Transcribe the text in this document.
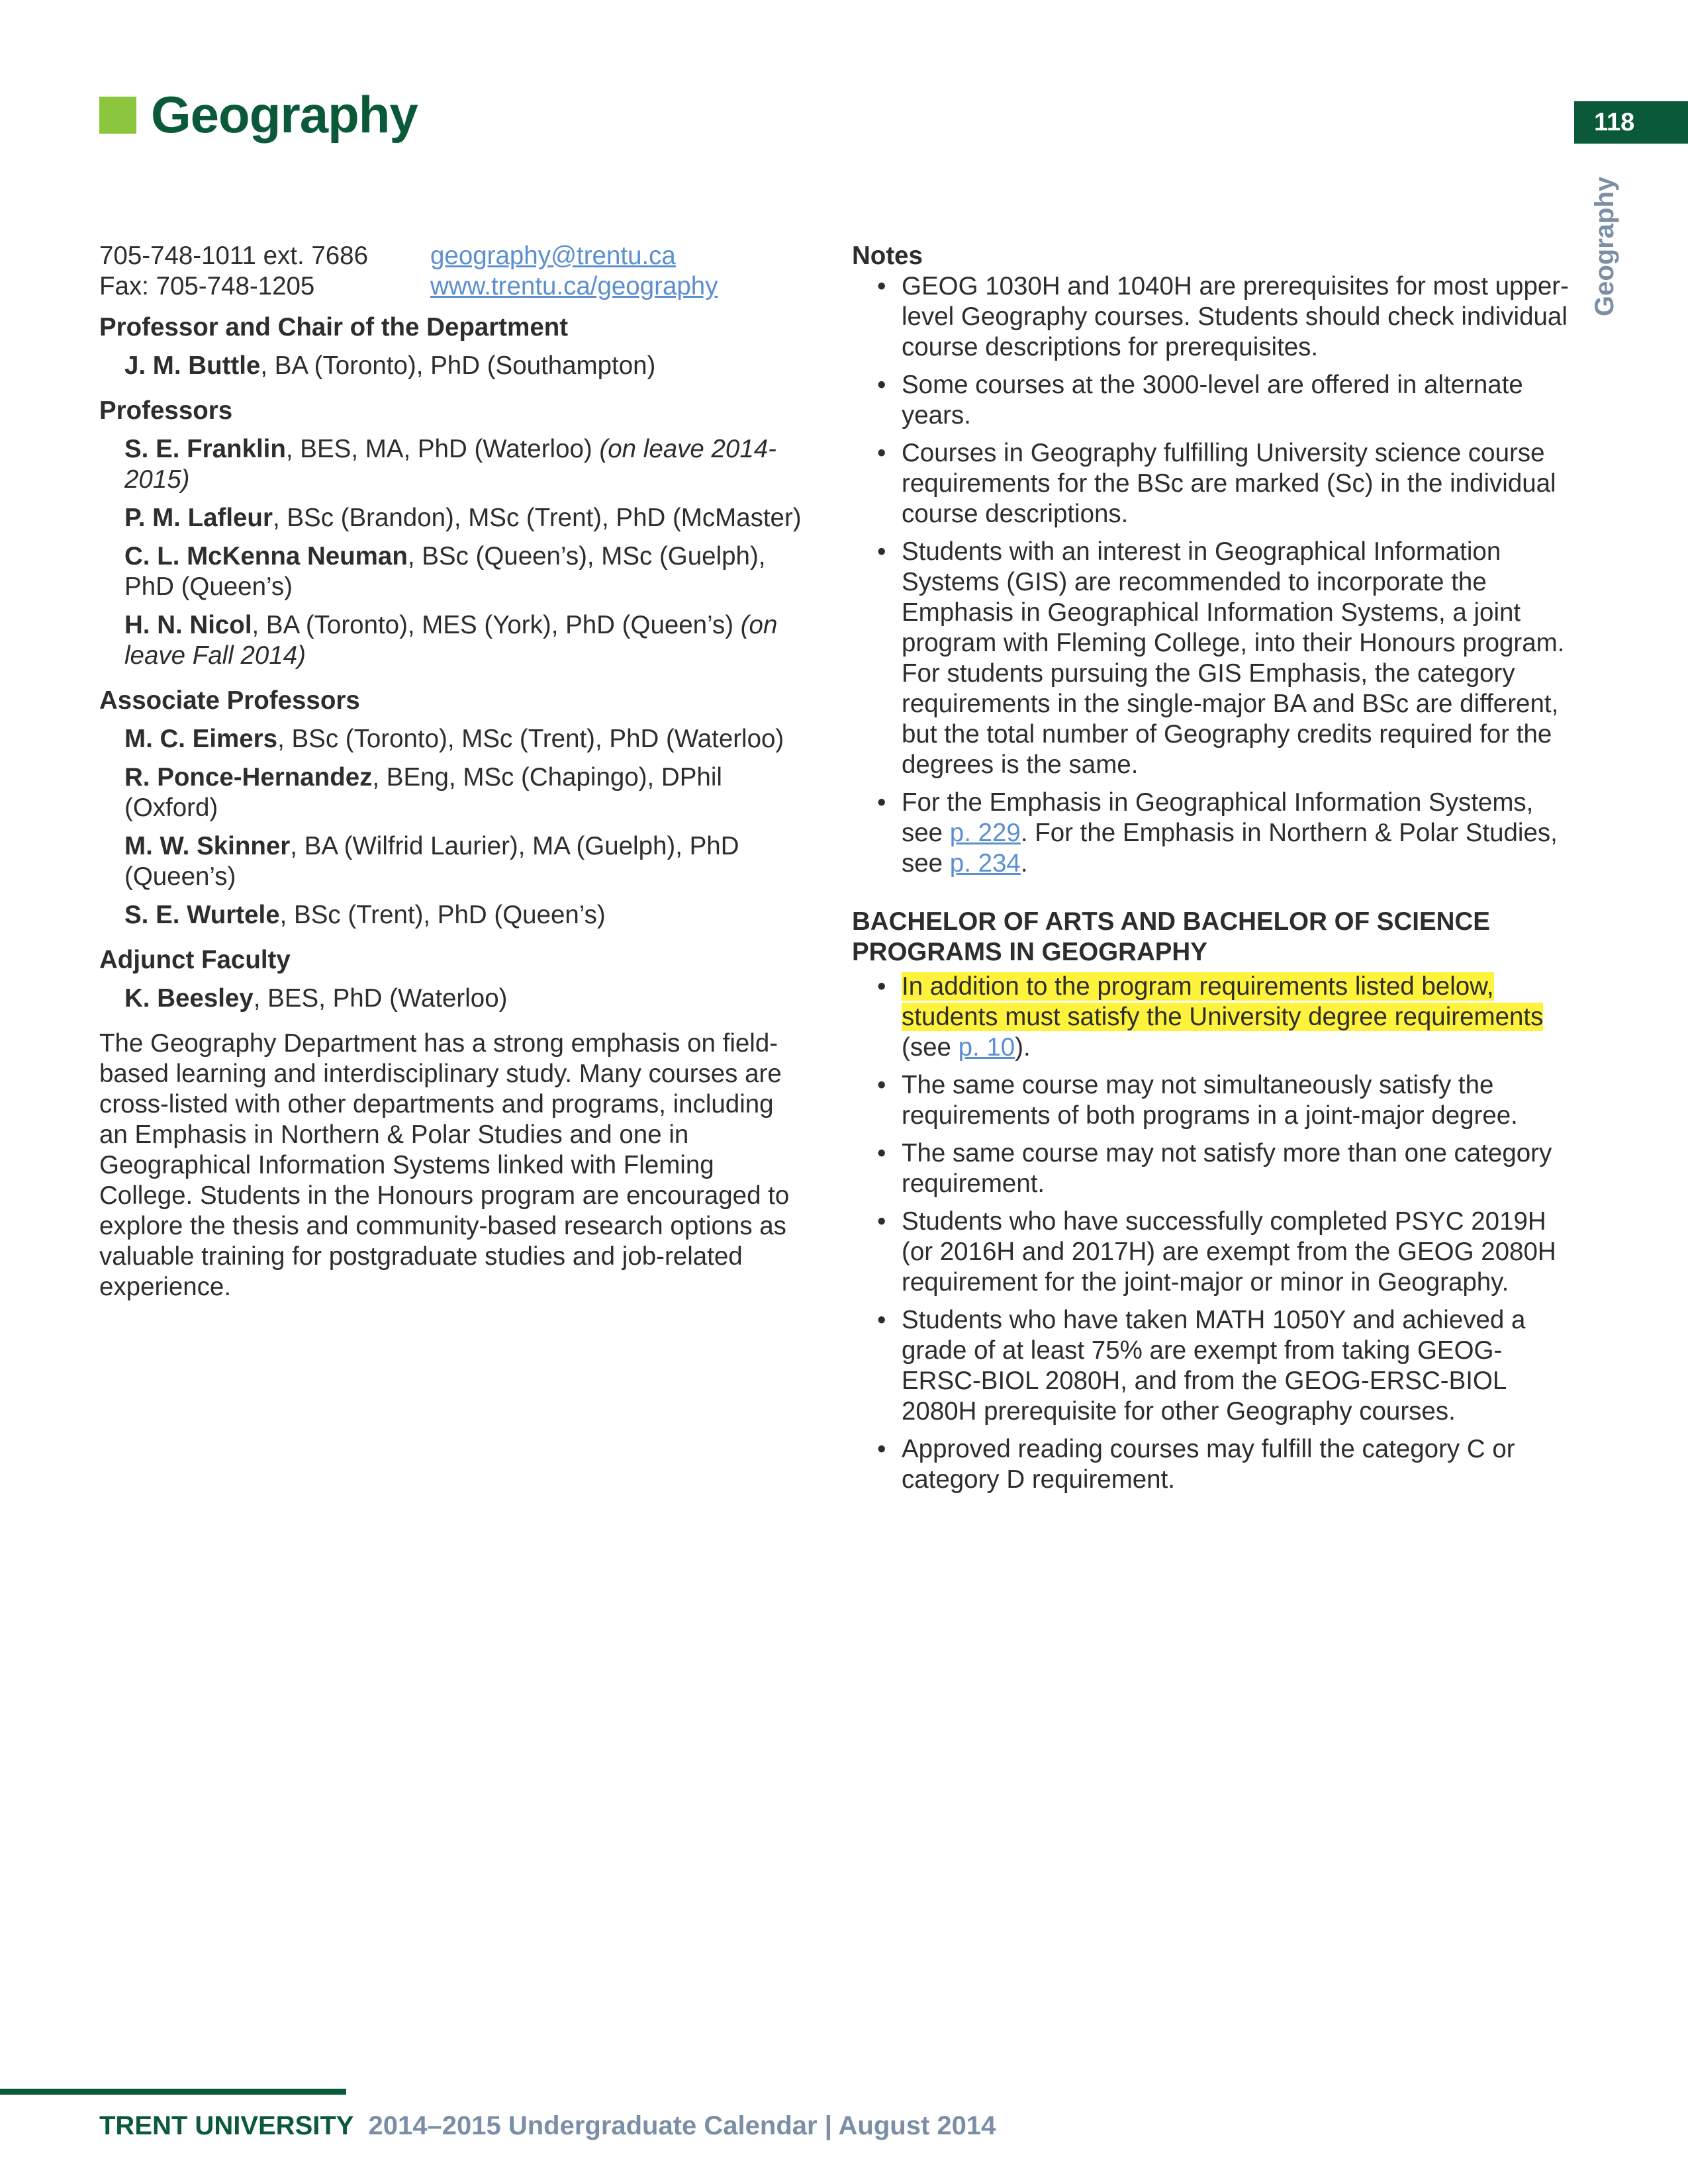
Geography	118
Geography
705-748-1011 ext. 7686	geography@trentu.ca
Fax: 705-748-1205	www.trentu.ca/geography
Professor and Chair of the Department
J. M. Buttle, BA (Toronto), PhD (Southampton)
Professors
S. E. Franklin, BES, MA, PhD (Waterloo) (on leave 2014-2015)
P. M. Lafleur, BSc (Brandon), MSc (Trent), PhD (McMaster)
C. L. McKenna Neuman, BSc (Queen’s), MSc (Guelph), PhD (Queen’s)
H. N. Nicol, BA (Toronto), MES (York), PhD (Queen’s) (on leave Fall 2014)
Associate Professors
M. C. Eimers, BSc (Toronto), MSc (Trent), PhD (Waterloo)
R. Ponce-Hernandez, BEng, MSc (Chapingo), DPhil (Oxford)
M. W. Skinner, BA (Wilfrid Laurier), MA (Guelph), PhD (Queen’s)
S. E. Wurtele, BSc (Trent), PhD (Queen’s)
Adjunct Faculty
K. Beesley, BES, PhD (Waterloo)
The Geography Department has a strong emphasis on field-based learning and interdisciplinary study. Many courses are cross-listed with other departments and programs, including an Emphasis in Northern & Polar Studies and one in Geographical Information Systems linked with Fleming College. Students in the Honours program are encouraged to explore the thesis and community-based research options as valuable training for postgraduate studies and job-related experience.
Notes
• GEOG 1030H and 1040H are prerequisites for most upper-level Geography courses. Students should check individual course descriptions for prerequisites.
• Some courses at the 3000-level are offered in alternate years.
• Courses in Geography fulfilling University science course requirements for the BSc are marked (Sc) in the individual course descriptions.
• Students with an interest in Geographical Information Systems (GIS) are recommended to incorporate the Emphasis in Geographical Information Systems, a joint program with Fleming College, into their Honours program. For students pursuing the GIS Emphasis, the category requirements in the single-major BA and BSc are different, but the total number of Geography credits required for the degrees is the same.
• For the Emphasis in Geographical Information Systems, see p. 229. For the Emphasis in Northern & Polar Studies, see p. 234.
BACHELOR OF ARTS AND BACHELOR OF SCIENCE PROGRAMS IN GEOGRAPHY
• In addition to the program requirements listed below, students must satisfy the University degree requirements (see p. 10).
• The same course may not simultaneously satisfy the requirements of both programs in a joint-major degree.
• The same course may not satisfy more than one category requirement.
• Students who have successfully completed PSYC 2019H (or 2016H and 2017H) are exempt from the GEOG 2080H requirement for the joint-major or minor in Geography.
• Students who have taken MATH 1050Y and achieved a grade of at least 75% are exempt from taking GEOG-ERSC-BIOL 2080H, and from the GEOG-ERSC-BIOL 2080H prerequisite for other Geography courses.
• Approved reading courses may fulfill the category C or category D requirement.
TRENT UNIVERSITY 2014–2015 Undergraduate Calendar | August 2014
